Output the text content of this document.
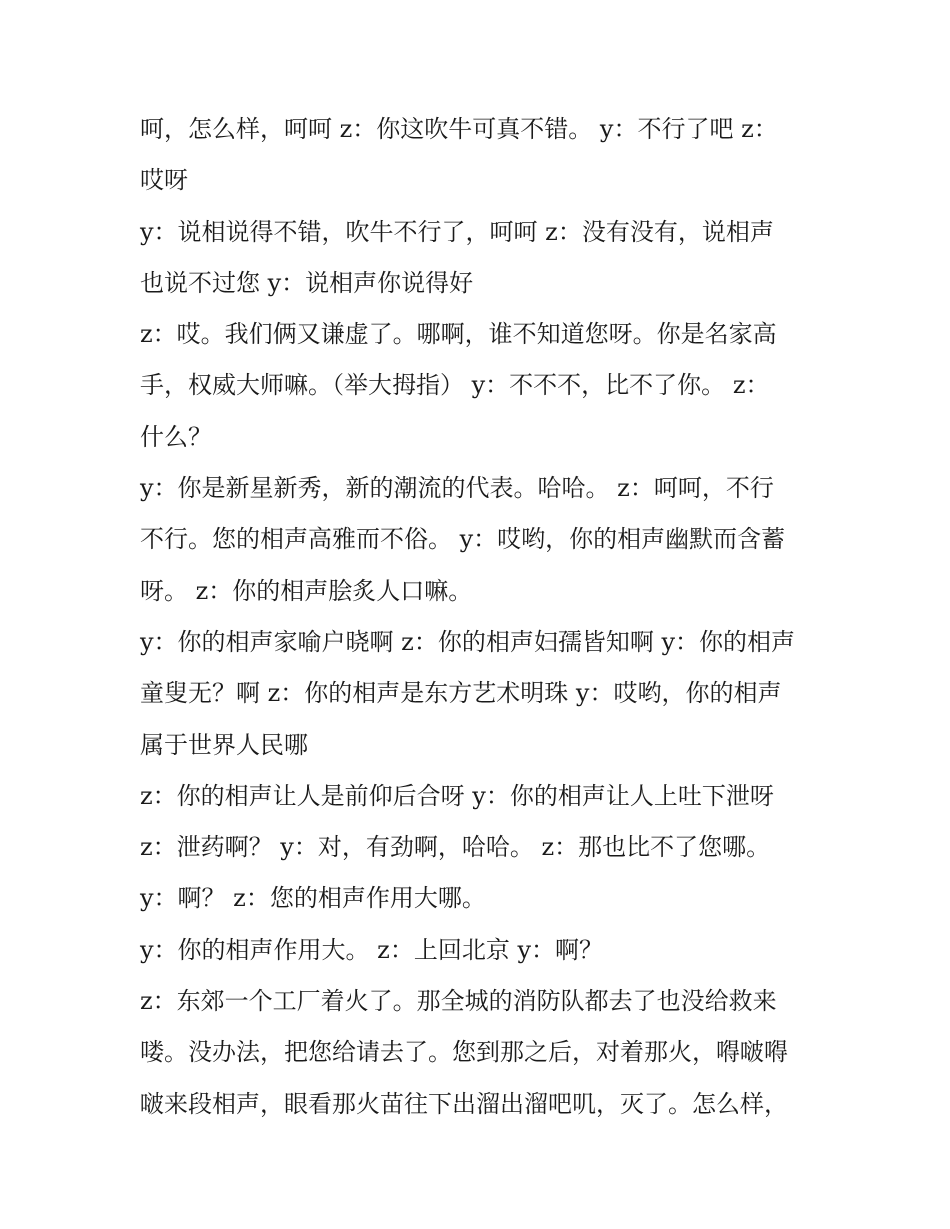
呵，怎么样，呵呵 z：你这吹牛可真不错。 y：不行了吧 z：
哎呀
y：说相说得不错，吹牛不行了，呵呵 z：没有没有，说相声
也说不过您 y：说相声你说得好
z：哎。我们俩又谦虚了。哪啊，谁不知道您呀。你是名家高
手，权威大师嘛。（举大拇指） y：不不不，比不了你。 z：
什么？
y：你是新星新秀，新的潮流的代表。哈哈。 z：呵呵，不行
不行。您的相声高雅而不俗。 y：哎哟，你的相声幽默而含蓄
呀。 z：你的相声脍炙人口嘛。
y：你的相声家喻户晓啊 z：你的相声妇孺皆知啊 y：你的相声
童叟无？啊 z：你的相声是东方艺术明珠 y：哎哟，你的相声
属于世界人民哪
z：你的相声让人是前仰后合呀 y：你的相声让人上吐下泄呀
z：泄药啊？ y：对，有劲啊，哈哈。 z：那也比不了您哪。
y：啊？ z：您的相声作用大哪。
y：你的相声作用大。 z：上回北京 y：啊？
z：东郊一个工厂着火了。那全城的消防队都去了也没给救来
喽。没办法，把您给请去了。您到那之后，对着那火，嘚啵嘚
啵来段相声，眼看那火苗往下出溜出溜吧叽，灭了。怎么样，
